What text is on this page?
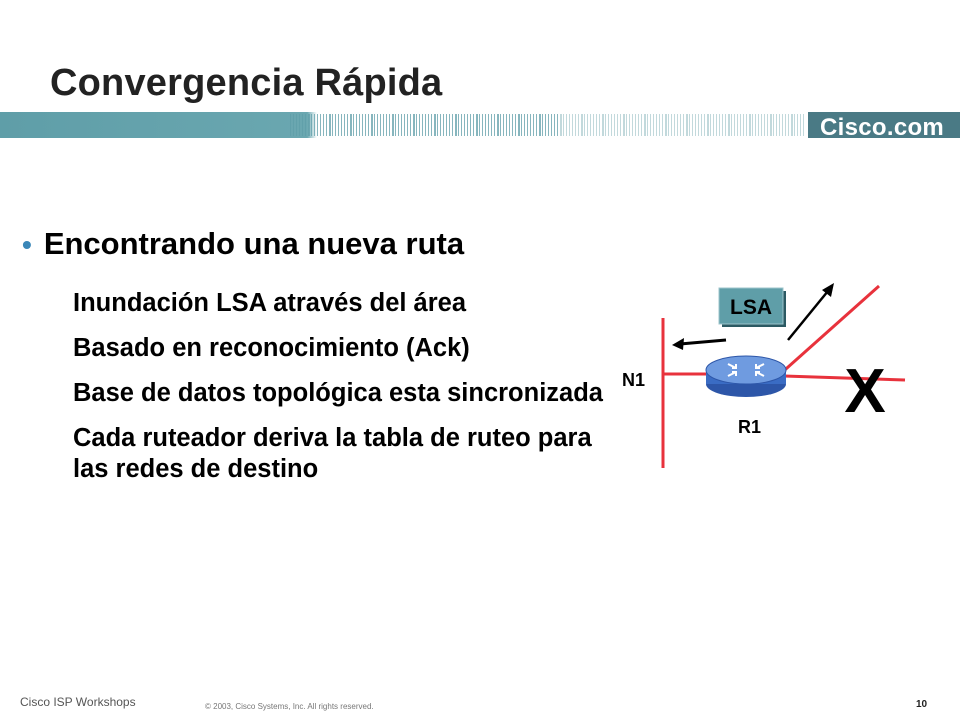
Convergencia Rápida
Cisco.com
• Encontrando una nueva ruta
Inundación LSA através del área
Basado en reconocimiento (Ack)
Base de datos topológica esta sincronizada
Cada ruteador deriva la tabla de ruteo para las redes de destino
LSA
N1
R1
X
Cisco ISP Workshops	© 2003, Cisco Systems, Inc. All rights reserved.	10
